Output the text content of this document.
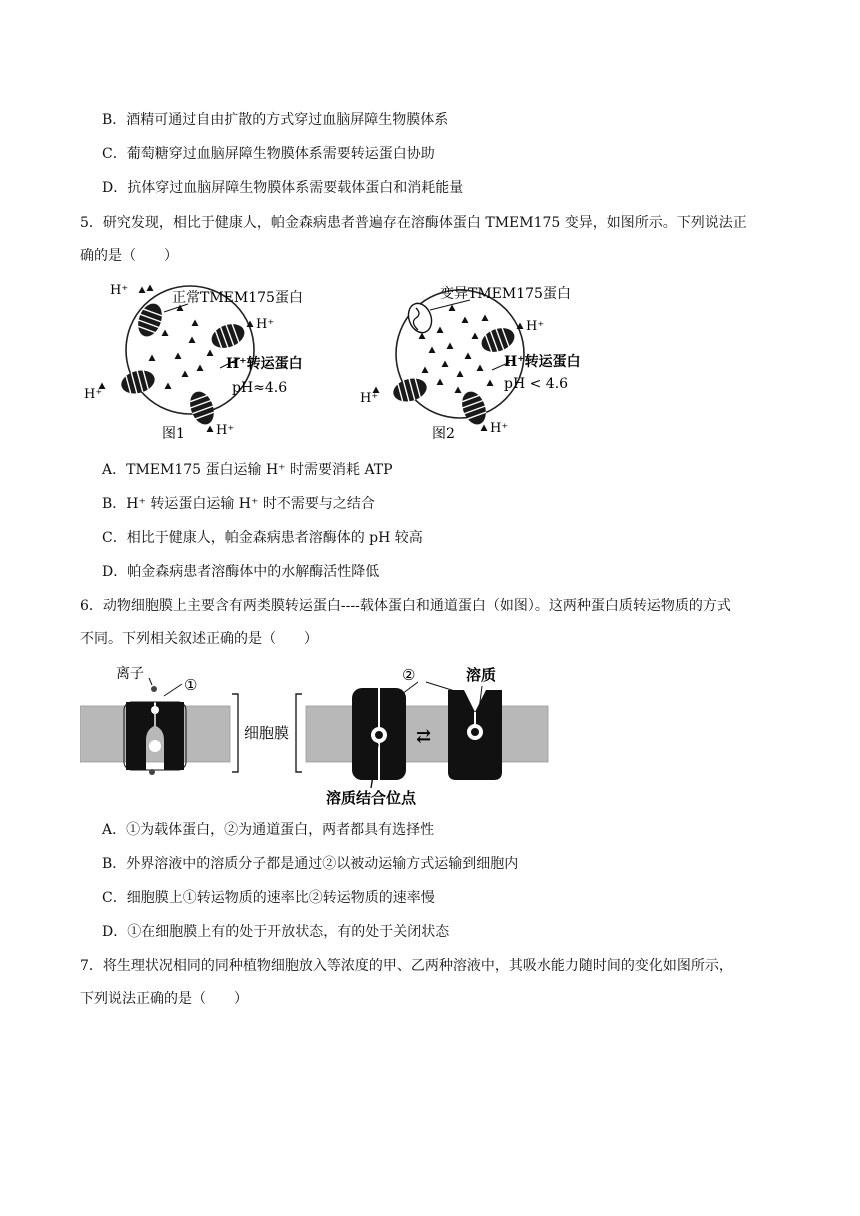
B．酒精可通过自由扩散的方式穿过血脑屏障生物膜体系
C．葡萄糖穿过血脑屏障生物膜体系需要转运蛋白协助
D．抗体穿过血脑屏障生物膜体系需要载体蛋白和消耗能量
5．研究发现，相比于健康人，帕金森病患者普遍存在溶酶体蛋白 TMEM175 变异，如图所示。下列说法正
确的是（　　）
H⁺	正常TMEM175蛋白
H⁺
H⁺转运蛋白
pH≈4.6
H⁺
H⁺
图1
变异TMEM175蛋白
H⁺
H⁺转运蛋白
pH < 4.6
H⁺
H⁺
图2
A．TMEM175 蛋白运输 H⁺ 时需要消耗 ATP
B．H⁺ 转运蛋白运输 H⁺ 时不需要与之结合
C．相比于健康人，帕金森病患者溶酶体的 pH 较高
D．帕金森病患者溶酶体中的水解酶活性降低
6．动物细胞膜上主要含有两类膜转运蛋白----载体蛋白和通道蛋白（如图）。这两种蛋白质转运物质的方式
不同。下列相关叙述正确的是（　　）
离子
①
细胞膜	⇄
②	溶质
溶质结合位点
A．①为载体蛋白，②为通道蛋白，两者都具有选择性
B．外界溶液中的溶质分子都是通过②以被动运输方式运输到细胞内
C．细胞膜上①转运物质的速率比②转运物质的速率慢
D．①在细胞膜上有的处于开放状态，有的处于关闭状态
7．将生理状况相同的同种植物细胞放入等浓度的甲、乙两种溶液中，其吸水能力随时间的变化如图所示，
下列说法正确的是（　　）
